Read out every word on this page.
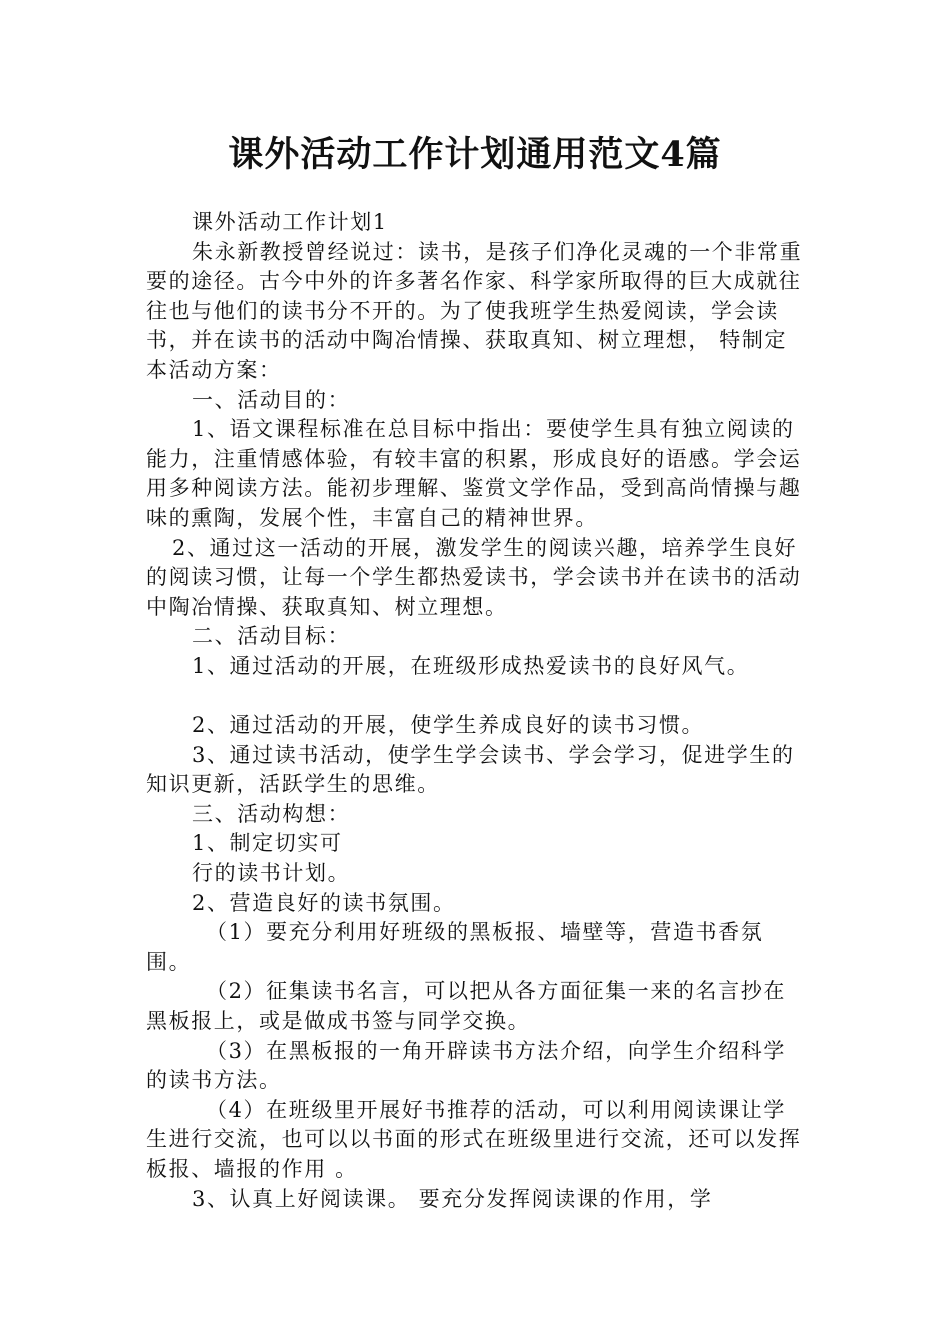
课外活动工作计划通用范文4篇

课外活动工作计划1

朱永新教授曾经说过：读书，是孩子们净化灵魂的一个非常重要的途径。古今中外的许多著名作家、科学家所取得的巨大成就往往也与他们的读书分不开的。为了使我班学生热爱阅读，学会读书，并在读书的活动中陶冶情操、获取真知、树立理想， 特制定本活动方案：

一、活动目的：

1、语文课程标准在总目标中指出：要使学生具有独立阅读的能力，注重情感体验，有较丰富的积累，形成良好的语感。学会运用多种阅读方法。能初步理解、鉴赏文学作品，受到高尚情操与趣味的熏陶，发展个性，丰富自己的精神世界。

2、通过这一活动的开展，激发学生的阅读兴趣，培养学生良好的阅读习惯，让每一个学生都热爱读书，学会读书并在读书的活动中陶冶情操、获取真知、树立理想。

二、活动目标：

1、通过活动的开展，在班级形成热爱读书的良好风气。

2、通过活动的开展，使学生养成良好的读书习惯。

3、通过读书活动，使学生学会读书、学会学习，促进学生的知识更新，活跃学生的思维。

三、活动构想：

1、制定切实可

行的读书计划。

2、营造良好的读书氛围。

（1）要充分利用好班级的黑板报、墙壁等，营造书香氛围。

（2）征集读书名言，可以把从各方面征集一来的名言抄在黑板报上，或是做成书签与同学交换。

（3）在黑板报的一角开辟读书方法介绍，向学生介绍科学的读书方法。

（4）在班级里开展好书推荐的活动，可以利用阅读课让学生进行交流，也可以以书面的形式在班级里进行交流，还可以发挥板报、墙报的作用 。

3、认真上好阅读课。 要充分发挥阅读课的作用，学
